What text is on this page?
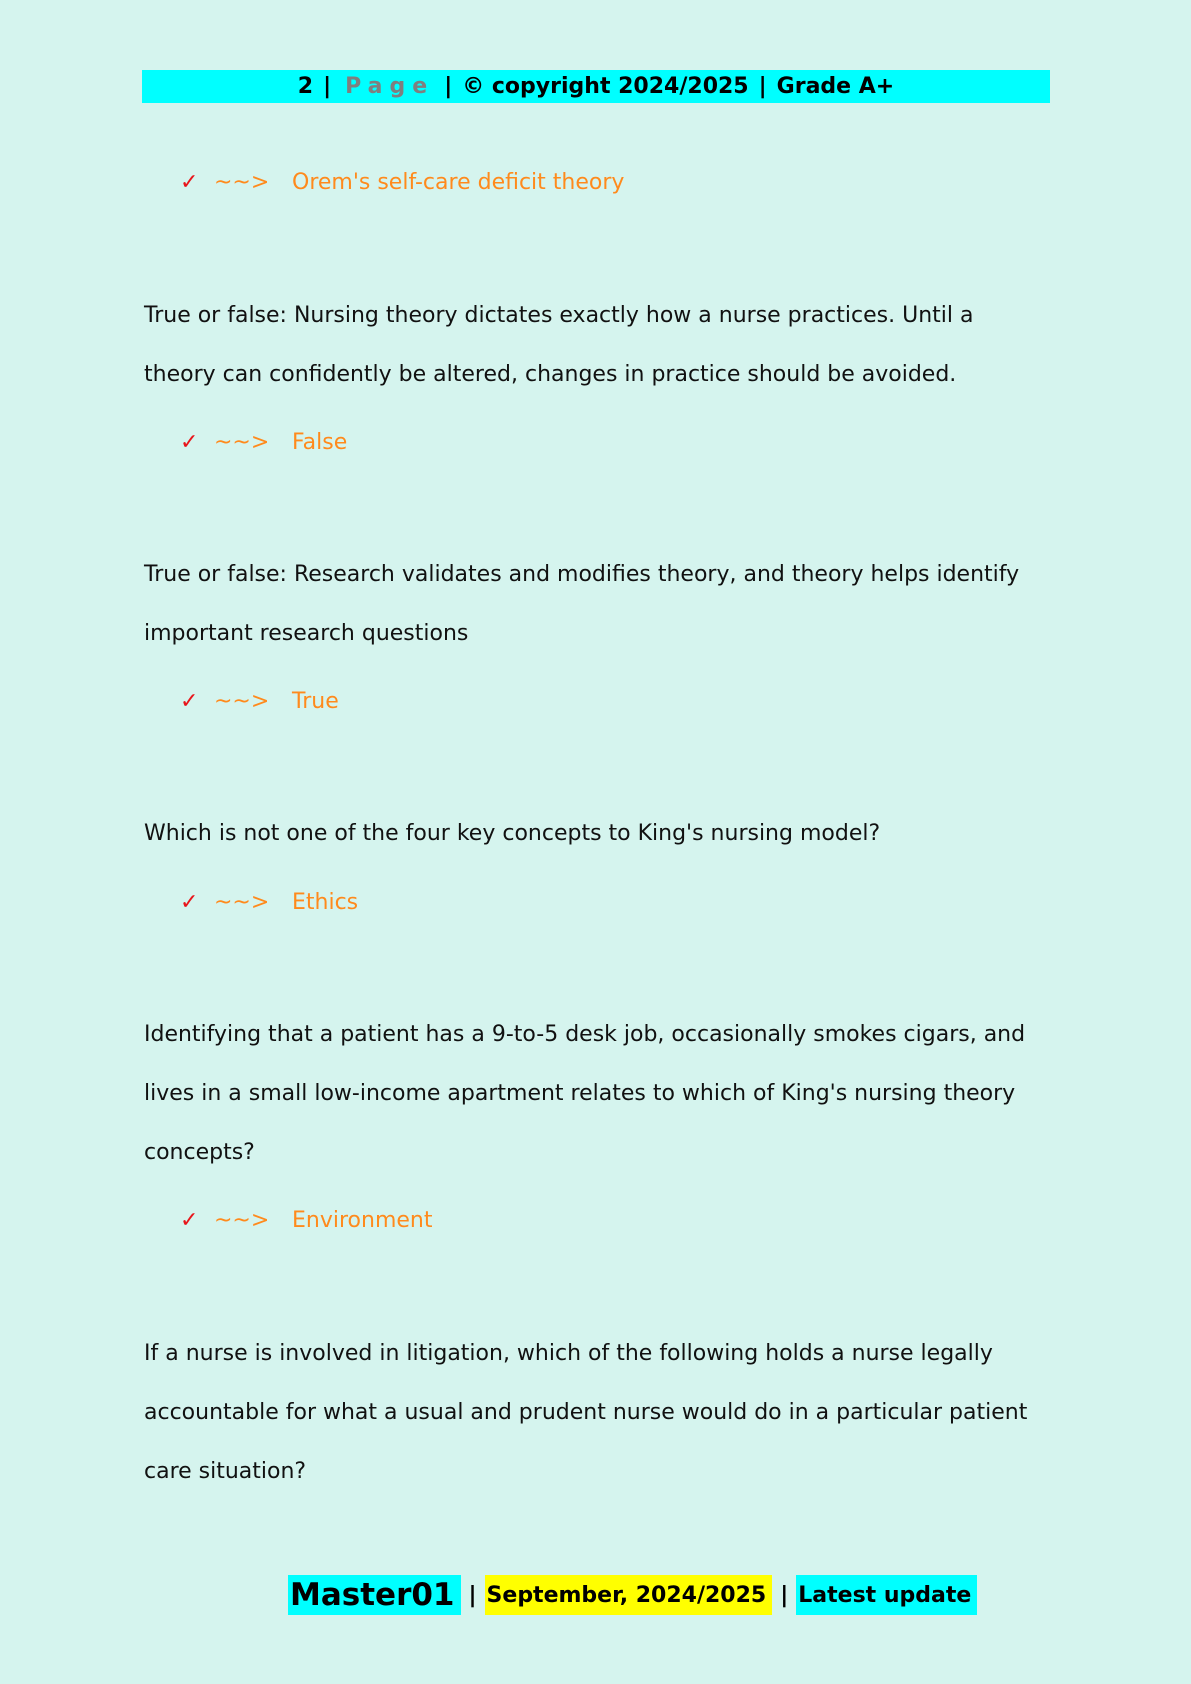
2 | Page | © copyright 2024/2025 | Grade A+
✓ ~~>	Orem's self-care deficit theory
True or false: Nursing theory dictates exactly how a nurse practices. Until a theory can confidently be altered, changes in practice should be avoided.
✓ ~~>	False
True or false: Research validates and modifies theory, and theory helps identify important research questions
✓ ~~>	True
Which is not one of the four key concepts to King's nursing model?
✓ ~~>	Ethics
Identifying that a patient has a 9-to-5 desk job, occasionally smokes cigars, and lives in a small low-income apartment relates to which of King's nursing theory concepts?
✓ ~~>	Environment
If a nurse is involved in litigation, which of the following holds a nurse legally accountable for what a usual and prudent nurse would do in a particular patient care situation?
Master01 | September, 2024/2025 | Latest update
